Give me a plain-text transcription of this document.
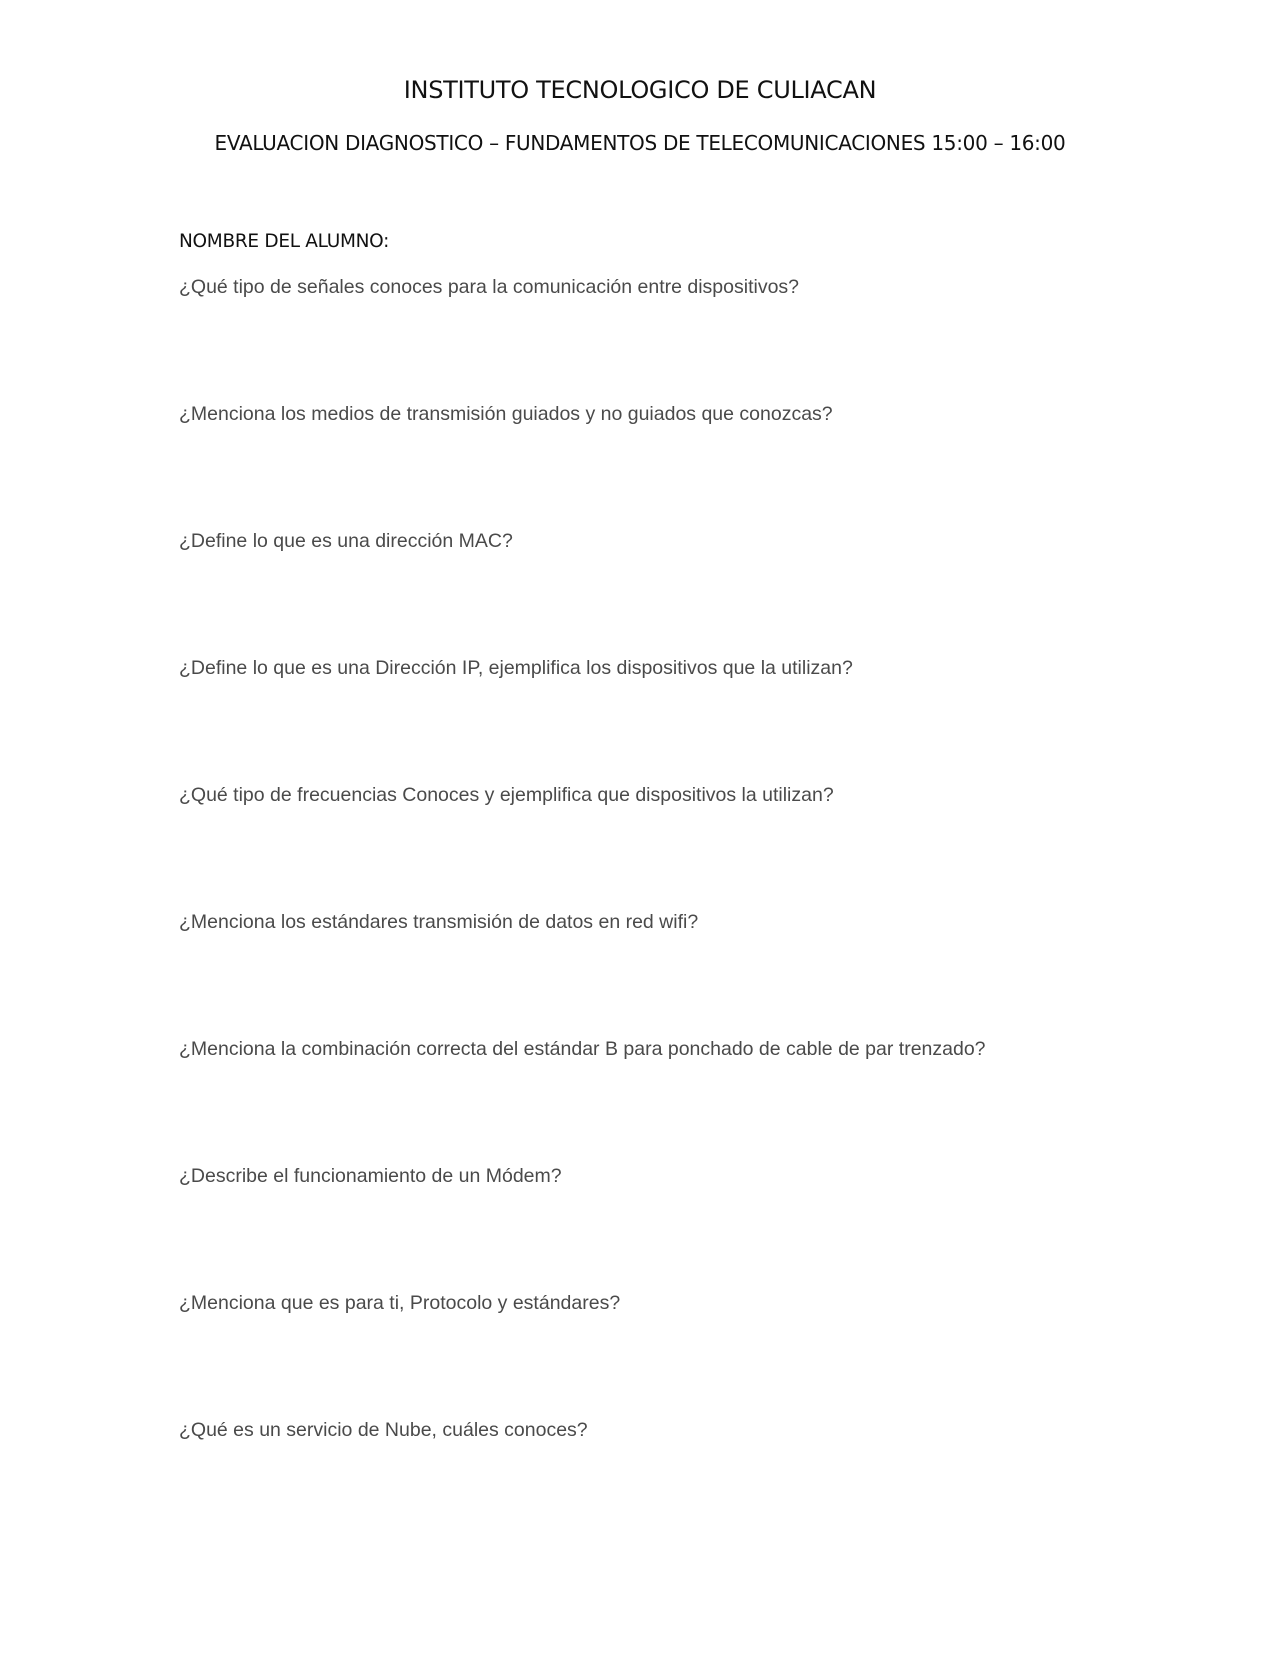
INSTITUTO TECNOLOGICO DE CULIACAN
EVALUACION DIAGNOSTICO – FUNDAMENTOS DE TELECOMUNICACIONES 15:00 – 16:00
NOMBRE DEL ALUMNO:
¿Qué tipo de señales conoces para la comunicación entre dispositivos?
¿Menciona los medios de transmisión guiados y no guiados que conozcas?
¿Define lo que es una dirección MAC?
¿Define lo que es una Dirección IP, ejemplifica los dispositivos que la utilizan?
¿Qué tipo de frecuencias Conoces y ejemplifica que dispositivos la utilizan?
¿Menciona los estándares transmisión de datos en red wifi?
¿Menciona la combinación correcta del estándar B para ponchado de cable de par trenzado?
¿Describe el funcionamiento de un Módem?
¿Menciona que es para ti, Protocolo y estándares?
¿Qué es un servicio de Nube, cuáles conoces?
